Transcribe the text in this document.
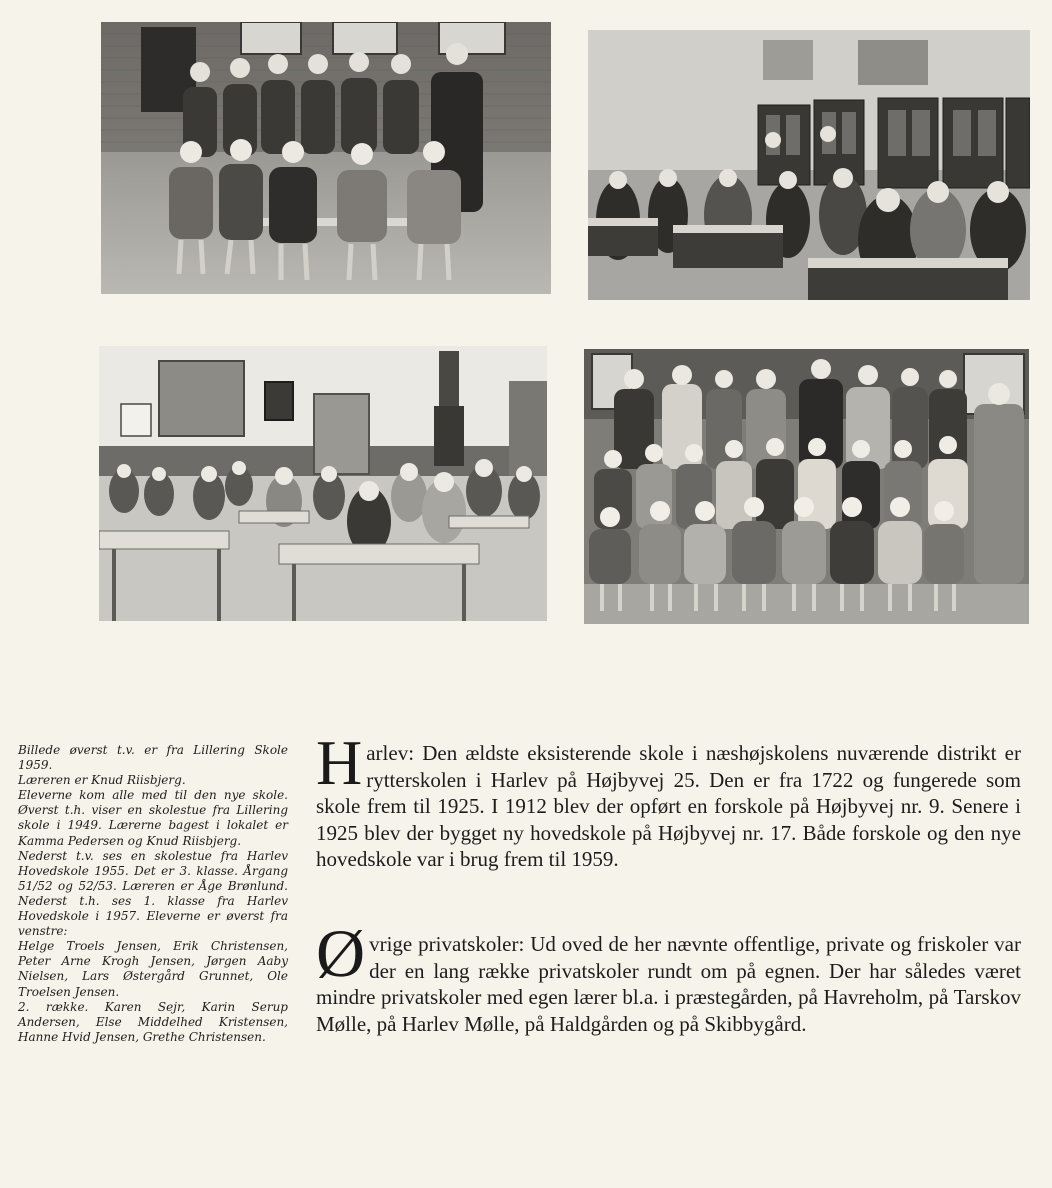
Billede øverst t.v. er fra Lillering Skole 1959.

Læreren er Knud Riisbjerg.

Eleverne kom alle med til den nye skole. Øverst t.h. viser en skolestue fra Lillering skole i 1949. Lærerne bagest i lokalet er Kamma Pedersen og Knud Riisbjerg.

Nederst t.v. ses en skolestue fra Harlev Hovedskole 1955. Det er 3. klasse. Årgang 51/52 og 52/53. Læreren er Åge Brønlund. Nederst t.h. ses 1. klasse fra Harlev Hovedskole i 1957. Eleverne er øverst fra venstre:

Helge Troels Jensen, Erik Christensen, Peter Arne Krogh Jensen, Jørgen Aaby Nielsen, Lars Østergård Grunnet, Ole Troelsen Jensen.

2. række. Karen Sejr, Karin Serup Andersen, Else Middelhed Kristensen, Hanne Hvid Jensen, Grethe Christensen.

H arlev: Den ældste eksisterende skole i næshøjskolens nuværende distrikt er rytterskolen i Harlev på Højbyvej 25. Den er fra 1722 og fungerede som skole frem til 1925. I 1912 blev der opført en forskole på Højbyvej nr. 9. Senere i 1925 blev der bygget ny hovedskole på Højbyvej nr. 17. Både forskole og den nye hovedskole var i brug frem til 1959.
Ø vrige privatskoler: Ud oved de her nævnte offentlige, private og friskoler var der en lang række privatskoler rundt om på egnen. Der har således været mindre privatskoler med egen lærer bl.a. i præstegården, på Havreholm, på Tarskov Mølle, på Harlev Mølle, på Haldgården og på Skibbygård.
